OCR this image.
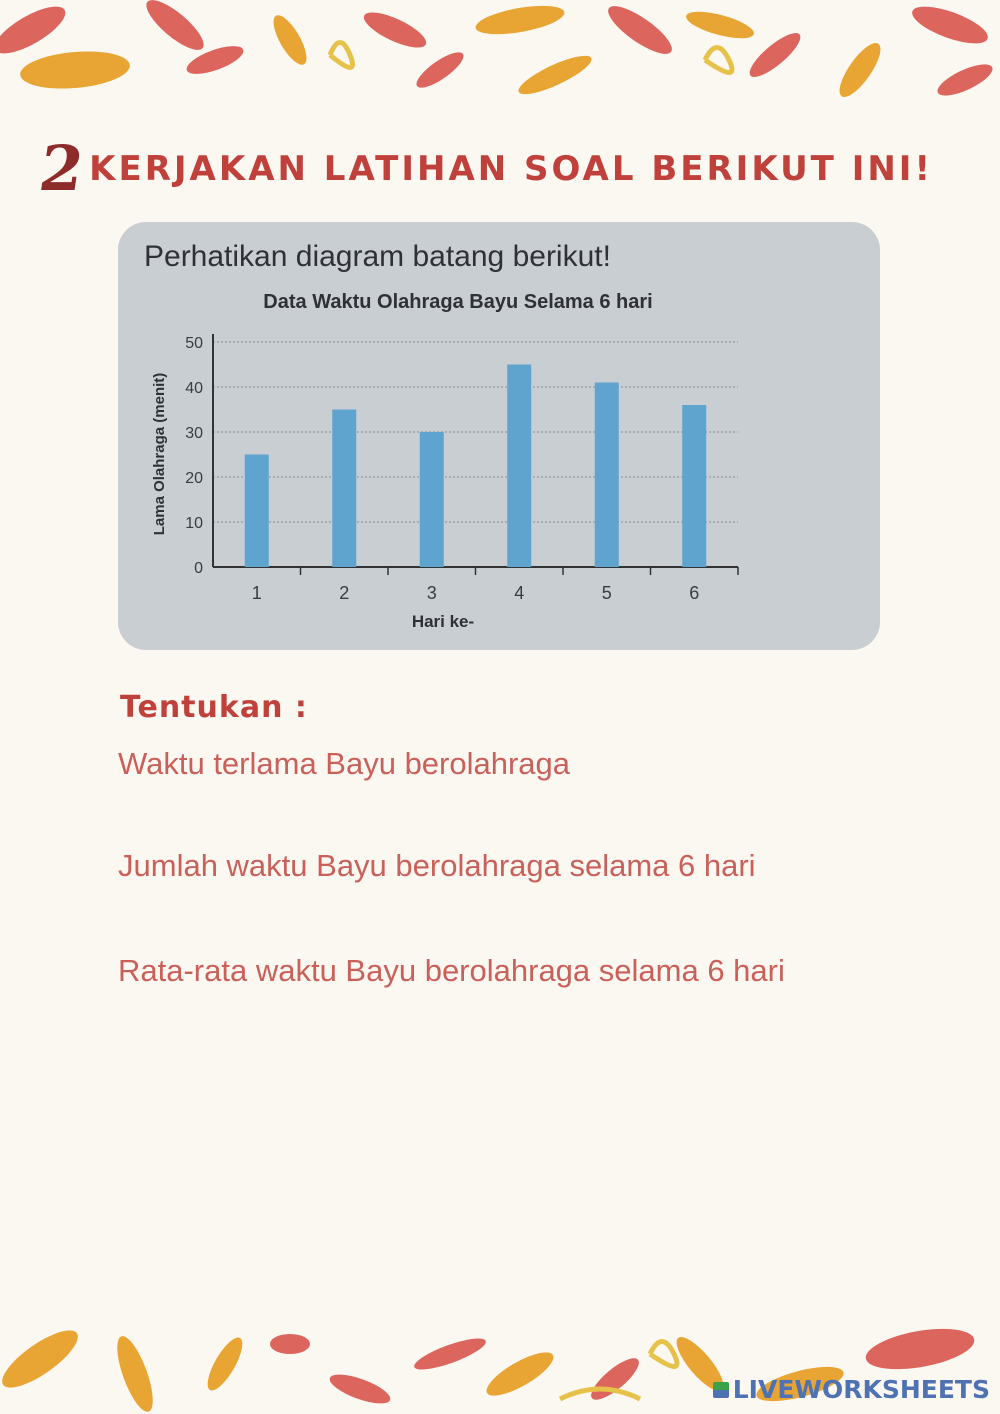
2 KERJAKAN LATIHAN SOAL BERIKUT INI!
Perhatikan diagram batang berikut!
Data Waktu Olahraga Bayu Selama 6 hari
Hari ke-
Lama Olahraga (menit)
0
10
20
30
40
50
1	2	3	4	5	6
Tentukan :
Waktu terlama Bayu berolahraga
Jumlah waktu Bayu berolahraga selama 6 hari
Rata-rata waktu Bayu berolahraga selama 6 hari
LIVEWORKSHEETS
